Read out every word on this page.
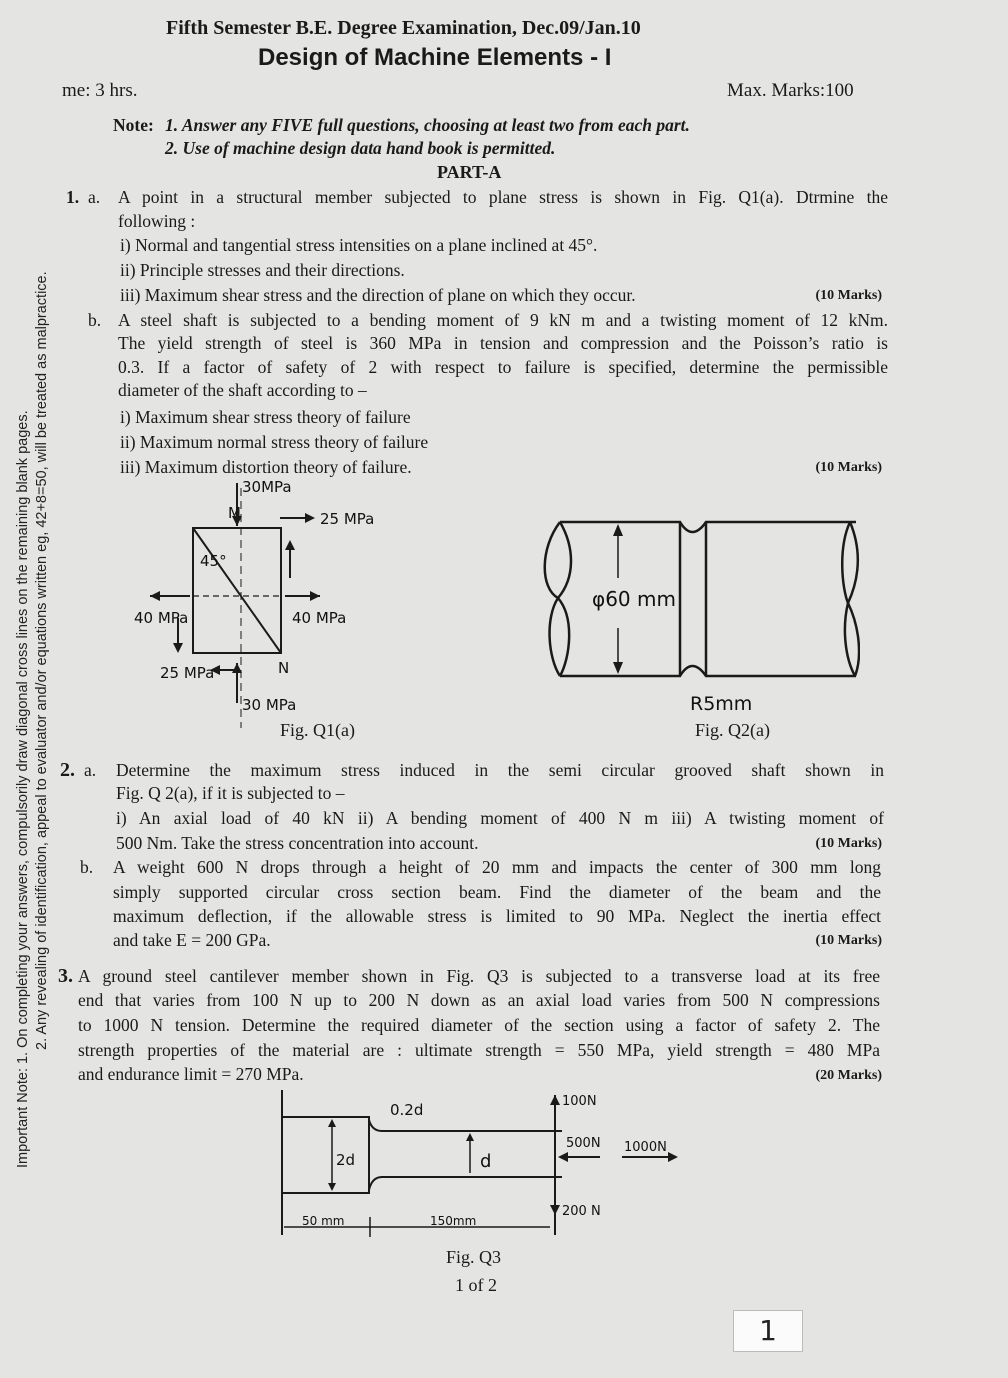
Important Note: 1. On completing your answers, compulsorily draw diagonal cross lines on the remaining blank pages. 2. Any revealing of identification, appeal to evaluator and/or equations written eg, 42+8=50, will be treated as malpractice.
Fifth Semester B.E. Degree Examination, Dec.09/Jan.10
Design of Machine Elements - I
me: 3 hrs.	Max. Marks:100
Note: 1. Answer any FIVE full questions, choosing at least two from each part.
2. Use of machine design data hand book is permitted.
PART-A
1. a. A point in a structural member subjected to plane stress is shown in Fig. Q1(a). Dtrmine the
following :
i) Normal and tangential stress intensities on a plane inclined at 45°.
ii) Principle stresses and their directions.
iii) Maximum shear stress and the direction of plane on which they occur.	(10 Marks)
b. A steel shaft is subjected to a bending moment of 9 kN m and a twisting moment of 12 kNm.
The yield strength of steel is 360 MPa in tension and compression and the Poisson’s ratio is
0.3. If a factor of safety of 2 with respect to failure is specified, determine the permissible
diameter of the shaft according to –
i) Maximum shear stress theory of failure
ii) Maximum normal stress theory of failure
iii) Maximum distortion theory of failure.	(10 Marks)
30MPa
25 MPa
M
45°
40 MPa	40 MPa
25 MPa	N
30 MPa
Fig. Q1(a)
φ60 mm
R5mm
Fig. Q2(a)
2. a. Determine the maximum stress induced in the semi circular grooved shaft shown in
Fig. Q 2(a), if it is subjected to –
i) An axial load of 40 kN ii) A bending moment of 400 N m iii) A twisting moment of
500 Nm. Take the stress concentration into account.	(10 Marks)
b. A weight 600 N drops through a height of 20 mm and impacts the center of 300 mm long
simply supported circular cross section beam. Find the diameter of the beam and the
maximum deflection, if the allowable stress is limited to 90 MPa. Neglect the inertia effect
and take E = 200 GPa.	(10 Marks)
3. A ground steel cantilever member shown in Fig. Q3 is subjected to a transverse load at its free
end that varies from 100 N up to 200 N down as an axial load varies from 500 N compressions
to 1000 N tension. Determine the required diameter of the section using a factor of safety 2. The
strength properties of the material are : ultimate strength = 550 MPa, yield strength = 480 MPa
and endurance limit = 270 MPa.	(20 Marks)
0.2d
2d	d
100N
500N 1000N
200 N
50 mm	150mm
Fig. Q3
1 of 2
1
